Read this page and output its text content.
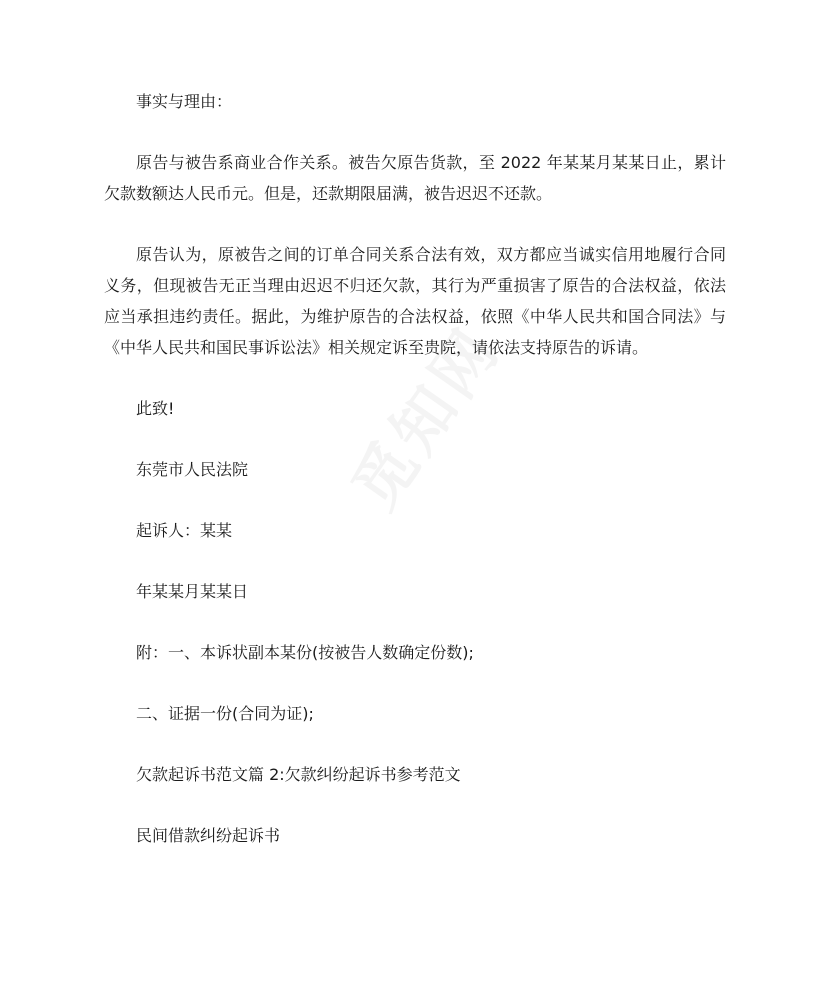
事实与理由：

原告与被告系商业合作关系。被告欠原告货款，至 2022 年某某月某某日止，累计欠款数额达人民币元。但是，还款期限届满，被告迟迟不还款。

原告认为，原被告之间的订单合同关系合法有效，双方都应当诚实信用地履行合同义务，但现被告无正当理由迟迟不归还欠款，其行为严重损害了原告的合法权益，依法应当承担违约责任。据此，为维护原告的合法权益，依照《中华人民共和国合同法》与《中华人民共和国民事诉讼法》相关规定诉至贵院，请依法支持原告的诉请。

此致!

东莞市人民法院

起诉人：某某

年某某月某某日

附：一、本诉状副本某份(按被告人数确定份数);

二、证据一份(合同为证);

欠款起诉书范文篇 2:欠款纠纷起诉书参考范文

民间借款纠纷起诉书
